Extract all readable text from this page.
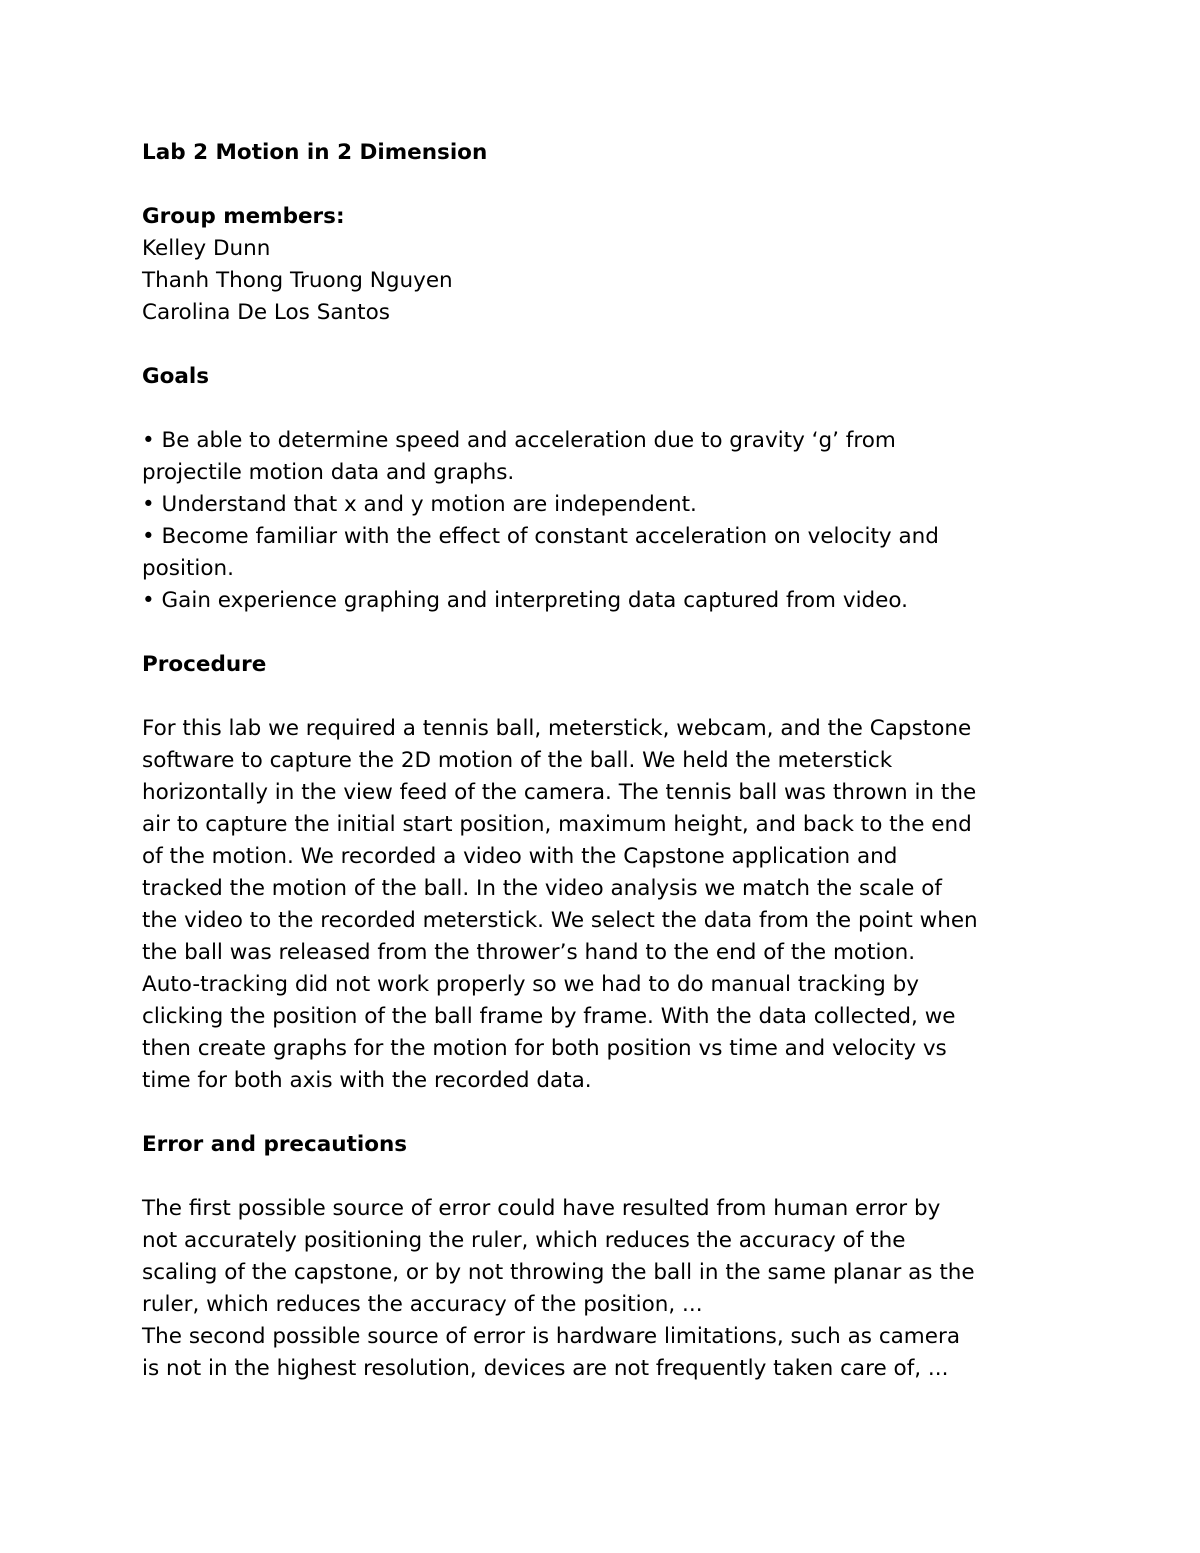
Lab 2 Motion in 2 Dimension

Group members:

Kelley Dunn

Thanh Thong Truong Nguyen

Carolina De Los Santos

Goals

• Be able to determine speed and acceleration due to gravity ‘g’ from

projectile motion data and graphs.

• Understand that x and y motion are independent.

• Become familiar with the effect of constant acceleration on velocity and

position.

• Gain experience graphing and interpreting data captured from video.

Procedure

For this lab we required a tennis ball, meterstick, webcam, and the Capstone

software to capture the 2D motion of the ball. We held the meterstick

horizontally in the view feed of the camera. The tennis ball was thrown in the

air to capture the initial start position, maximum height, and back to the end

of the motion. We recorded a video with the Capstone application and

tracked the motion of the ball. In the video analysis we match the scale of

the video to the recorded meterstick. We select the data from the point when

the ball was released from the thrower’s hand to the end of the motion.

Auto-tracking did not work properly so we had to do manual tracking by

clicking the position of the ball frame by frame. With the data collected, we

then create graphs for the motion for both position vs time and velocity vs

time for both axis with the recorded data.

Error and precautions

The first possible source of error could have resulted from human error by

not accurately positioning the ruler, which reduces the accuracy of the

scaling of the capstone, or by not throwing the ball in the same planar as the

ruler, which reduces the accuracy of the position, ...

The second possible source of error is hardware limitations, such as camera

is not in the highest resolution, devices are not frequently taken care of, ...
